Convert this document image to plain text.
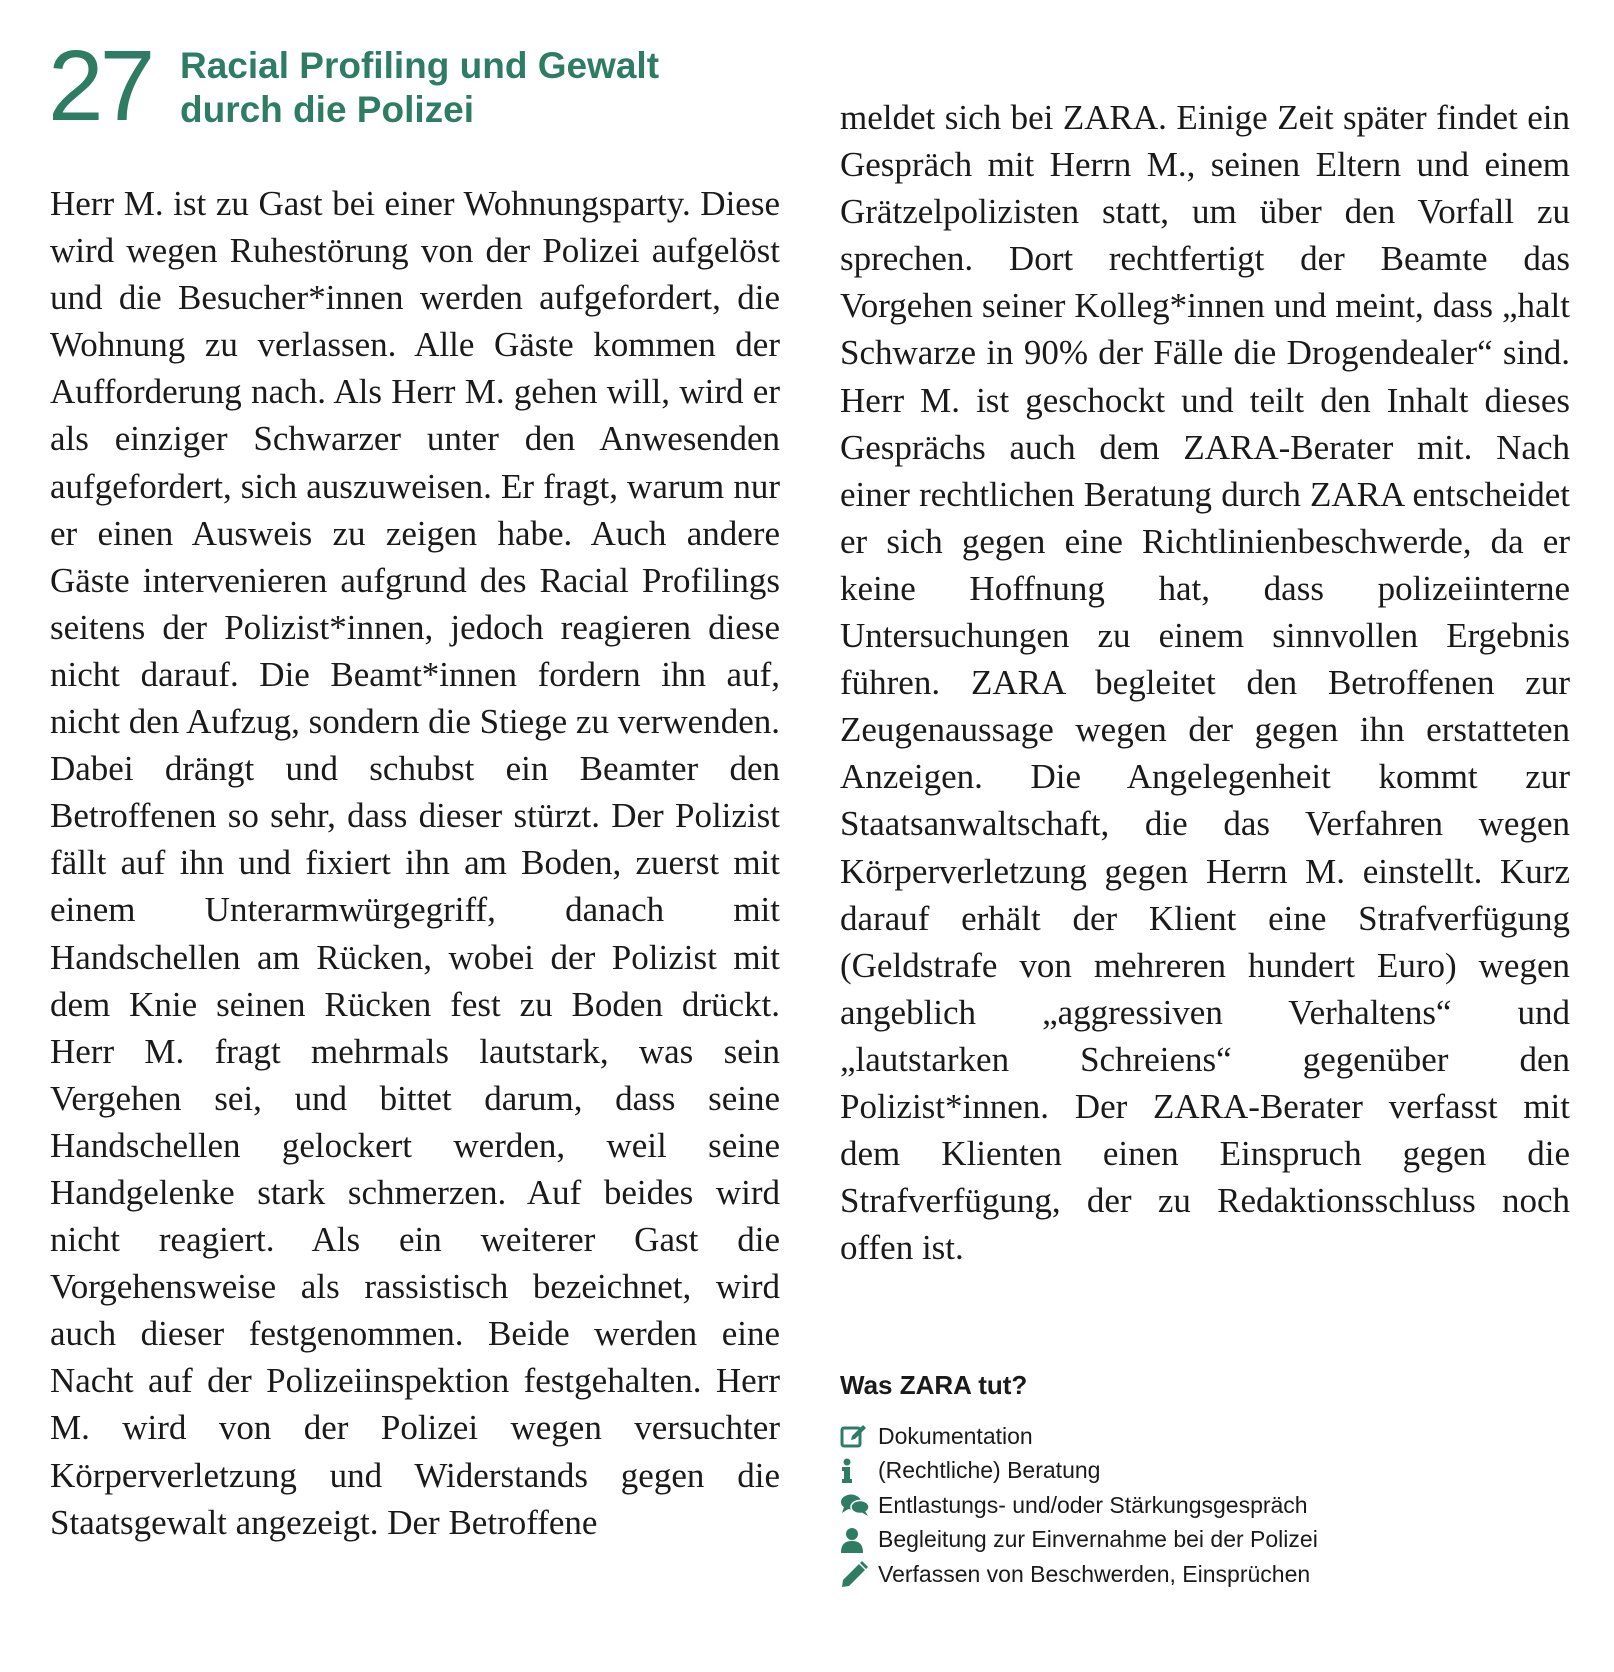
27 Racial Profiling und Gewalt durch die Polizei
Herr M. ist zu Gast bei einer Wohnungsparty. Diese wird wegen Ruhestörung von der Polizei aufgelöst und die Besucher*innen werden aufgefordert, die Wohnung zu verlassen. Alle Gäste kommen der Aufforderung nach. Als Herr M. gehen will, wird er als einziger Schwarzer unter den Anwesenden aufgefordert, sich auszuweisen. Er fragt, warum nur er einen Ausweis zu zeigen habe. Auch andere Gäste intervenieren aufgrund des Racial Profilings seitens der Polizist*innen, jedoch reagieren diese nicht darauf. Die Beamt*innen fordern ihn auf, nicht den Aufzug, sondern die Stiege zu verwenden. Dabei drängt und schubst ein Beamter den Betroffenen so sehr, dass dieser stürzt. Der Polizist fällt auf ihn und fixiert ihn am Boden, zuerst mit einem Unterarmwürgegriff, danach mit Handschellen am Rücken, wobei der Polizist mit dem Knie seinen Rücken fest zu Boden drückt. Herr M. fragt mehrmals lautstark, was sein Vergehen sei, und bittet darum, dass seine Handschellen gelockert werden, weil seine Handgelenke stark schmerzen. Auf beides wird nicht reagiert. Als ein weiterer Gast die Vorgehensweise als rassistisch bezeichnet, wird auch dieser festgenommen. Beide werden eine Nacht auf der Polizeiinspektion festgehalten. Herr M. wird von der Polizei wegen versuchter Körperverletzung und Widerstands gegen die Staatsgewalt angezeigt. Der Betroffene
meldet sich bei ZARA. Einige Zeit später findet ein Gespräch mit Herrn M., seinen Eltern und einem Grätzelpolizisten statt, um über den Vorfall zu sprechen. Dort rechtfertigt der Beamte das Vorgehen seiner Kolleg*innen und meint, dass „halt Schwarze in 90% der Fälle die Drogendealer“ sind. Herr M. ist geschockt und teilt den Inhalt dieses Gesprächs auch dem ZARA-Berater mit. Nach einer rechtlichen Beratung durch ZARA entscheidet er sich gegen eine Richtlinienbeschwerde, da er keine Hoffnung hat, dass polizeiinterne Untersuchungen zu einem sinnvollen Ergebnis führen. ZARA begleitet den Betroffenen zur Zeugenaussage wegen der gegen ihn erstatteten Anzeigen. Die Angelegenheit kommt zur Staatsanwaltschaft, die das Verfahren wegen Körperverletzung gegen Herrn M. einstellt. Kurz darauf erhält der Klient eine Strafverfügung (Geldstrafe von mehreren hundert Euro) wegen angeblich „aggressiven Verhaltens“ und „lautstarken Schreiens“ gegenüber den Polizist*innen. Der ZARA-Berater verfasst mit dem Klienten einen Einspruch gegen die Strafverfügung, der zu Redaktionsschluss noch offen ist.
Was ZARA tut?
Dokumentation
(Rechtliche) Beratung
Entlastungs- und/oder Stärkungsgespräch
Begleitung zur Einvernahme bei der Polizei
Verfassen von Beschwerden, Einsprüchen
